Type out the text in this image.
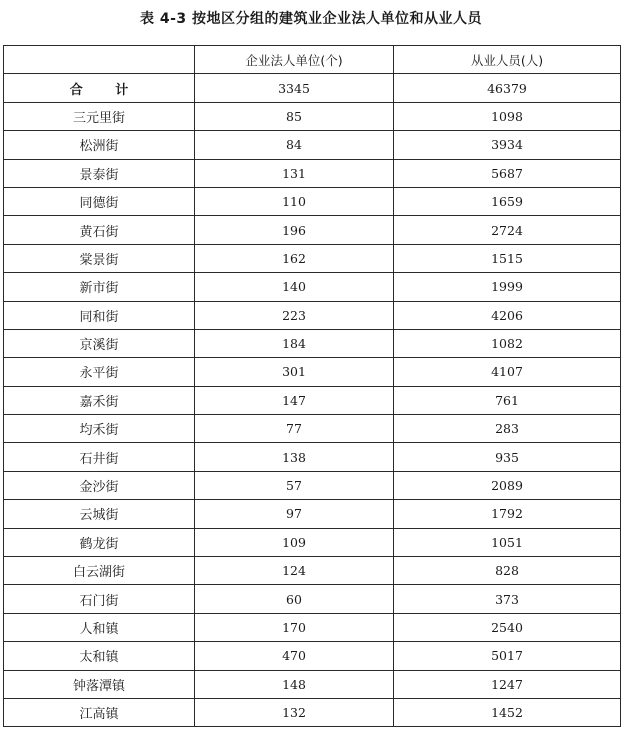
表 4-3 按地区分组的建筑业企业法人单位和从业人员
	企业法人单位(个)	从业人员(人)
合 计	3345	46379
三元里街	85	1098
松洲街	84	3934
景泰街	131	5687
同德街	110	1659
黄石街	196	2724
棠景街	162	1515
新市街	140	1999
同和街	223	4206
京溪街	184	1082
永平街	301	4107
嘉禾街	147	761
均禾街	77	283
石井街	138	935
金沙街	57	2089
云城街	97	1792
鹤龙街	109	1051
白云湖街	124	828
石门街	60	373
人和镇	170	2540
太和镇	470	5017
钟落潭镇	148	1247
江高镇	132	1452
